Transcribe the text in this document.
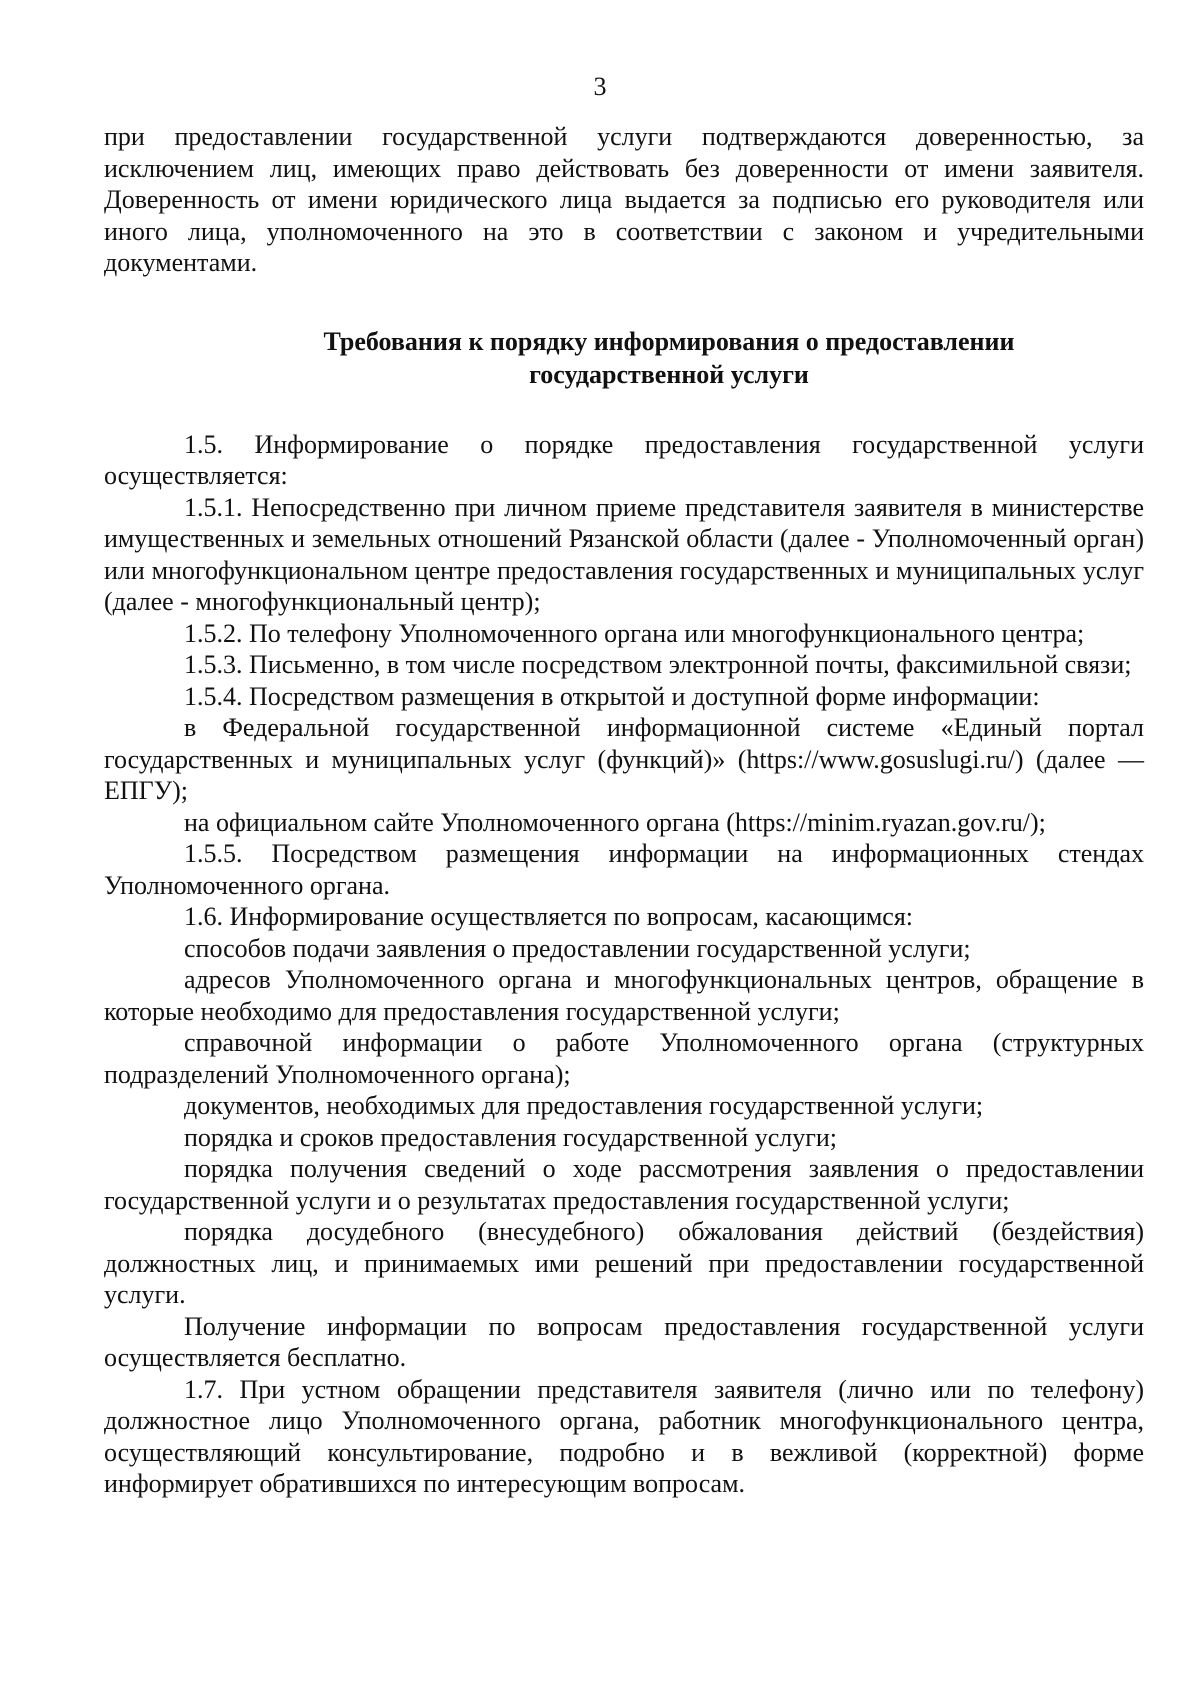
3

при предоставлении государственной услуги подтверждаются доверенностью, за исключением лиц, имеющих право действовать без доверенности от имени заявителя. Доверенность от имени юридического лица выдается за подписью его руководителя или иного лица, уполномоченного на это в соответствии с законом и учредительными документами.

Требования к порядку информирования о предоставлении
государственной услуги

1.5. Информирование о порядке предоставления государственной услуги осуществляется:

1.5.1. Непосредственно при личном приеме представителя заявителя в министерстве имущественных и земельных отношений Рязанской области (далее - Уполномоченный орган) или многофункциональном центре предоставления государственных и муниципальных услуг (далее - многофункциональный центр);

1.5.2. По телефону Уполномоченного органа или многофункционального центра;

1.5.3. Письменно, в том числе посредством электронной почты, факсимильной связи;

1.5.4. Посредством размещения в открытой и доступной форме информации:

в Федеральной государственной информационной системе «Единый портал государственных и муниципальных услуг (функций)» (https://www.gosuslugi.ru/) (далее — ЕПГУ);

на официальном сайте Уполномоченного органа (https://minim.ryazan.gov.ru/);

1.5.5. Посредством размещения информации на информационных стендах Уполномоченного органа.

1.6. Информирование осуществляется по вопросам, касающимся:

способов подачи заявления о предоставлении государственной услуги;

адресов Уполномоченного органа и многофункциональных центров, обращение в которые необходимо для предоставления государственной услуги;

справочной информации о работе Уполномоченного органа (структурных подразделений Уполномоченного органа);

документов, необходимых для предоставления государственной услуги;

порядка и сроков предоставления государственной услуги;

порядка получения сведений о ходе рассмотрения заявления о предоставлении государственной услуги и о результатах предоставления государственной услуги;

порядка досудебного (внесудебного) обжалования действий (бездействия) должностных лиц, и принимаемых ими решений при предоставлении государственной услуги.

Получение информации по вопросам предоставления государственной услуги осуществляется бесплатно.

1.7. При устном обращении представителя заявителя (лично или по телефону) должностное лицо Уполномоченного органа, работник многофункционального центра, осуществляющий консультирование, подробно и в вежливой (корректной) форме информирует обратившихся по интересующим вопросам.
